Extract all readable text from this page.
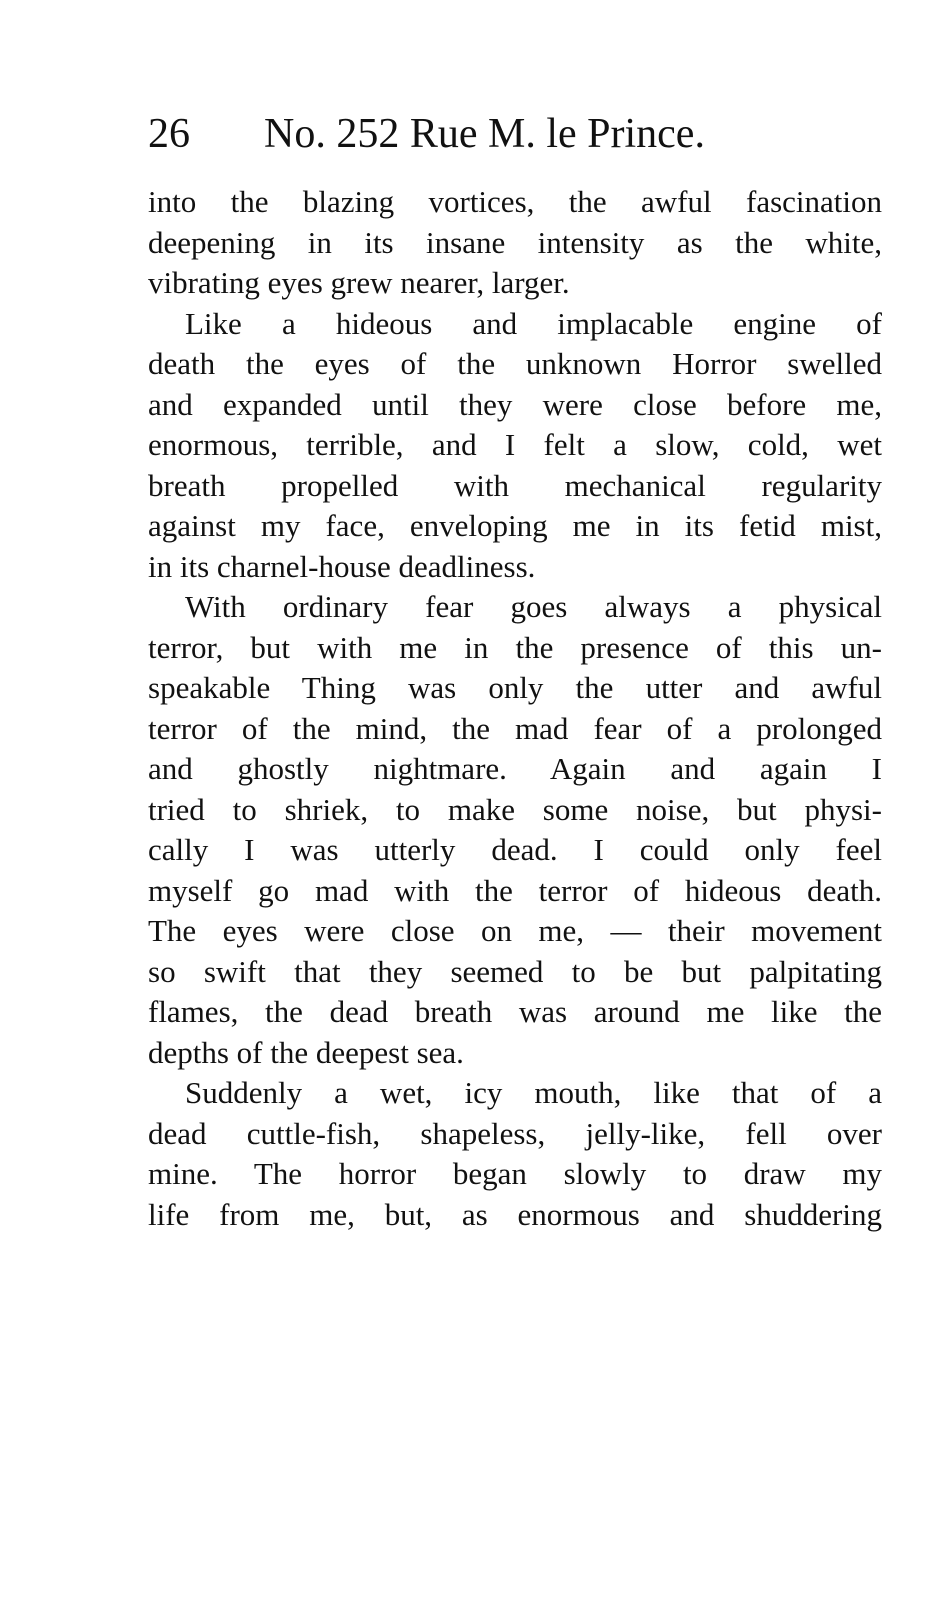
26 No. 252 Rue M. le Prince.
into the blazing vortices, the awful fascination
deepening in its insane intensity as the white,
vibrating eyes grew nearer, larger.
Like a hideous and implacable engine of
death the eyes of the unknown Horror swelled
and expanded until they were close before me,
enormous, terrible, and I felt a slow, cold, wet
breath propelled with mechanical regularity
against my face, enveloping me in its fetid mist,
in its charnel-house deadliness.
With ordinary fear goes always a physical
terror, but with me in the presence of this un-
speakable Thing was only the utter and awful
terror of the mind, the mad fear of a prolonged
and ghostly nightmare. Again and again I
tried to shriek, to make some noise, but physi-
cally I was utterly dead. I could only feel
myself go mad with the terror of hideous death.
The eyes were close on me, — their movement
so swift that they seemed to be but palpitating
flames, the dead breath was around me like the
depths of the deepest sea.
Suddenly a wet, icy mouth, like that of a
dead cuttle-fish, shapeless, jelly-like, fell over
mine. The horror began slowly to draw my
life from me, but, as enormous and shuddering
